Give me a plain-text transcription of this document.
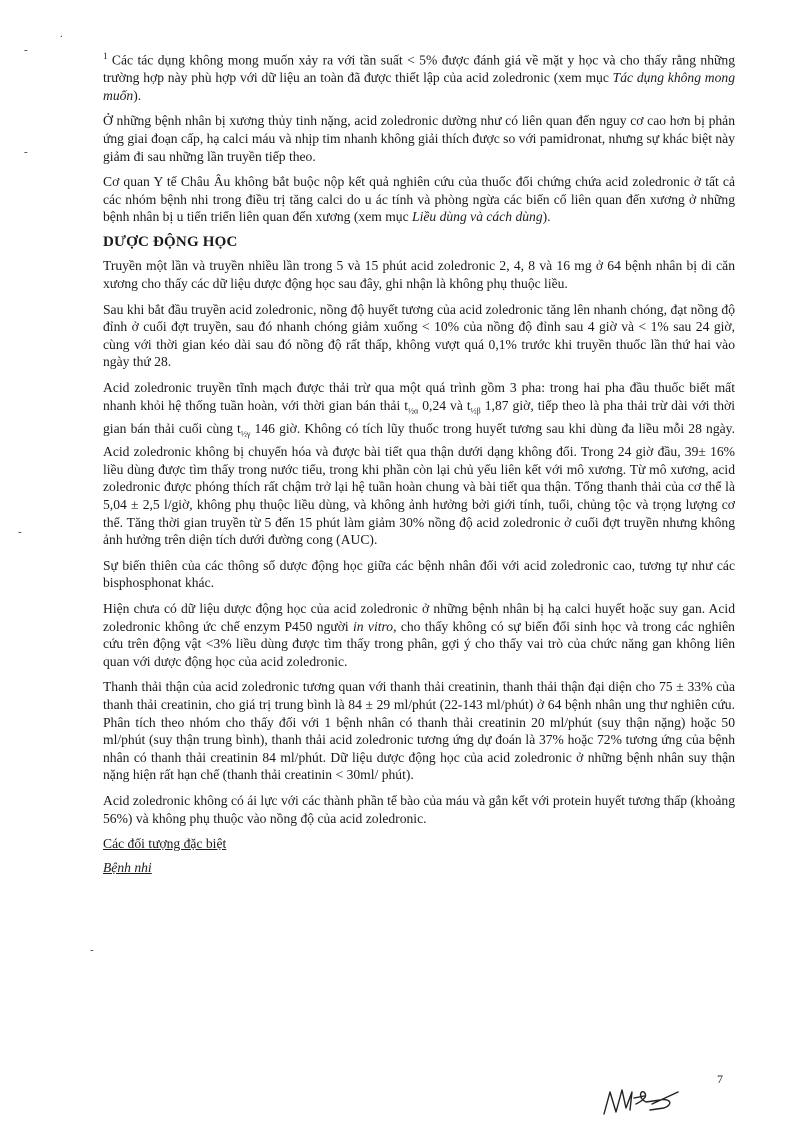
.
-
-
-
-

$^1$ Các tác dụng không mong muốn xảy ra với tần suất < 5% được đánh giá về mặt y học và cho thấy rằng những trường hợp này phù hợp với dữ liệu an toàn đã được thiết lập của acid zoledronic (xem mục Tác dụng không mong muốn).

Ở những bệnh nhân bị xương thủy tinh nặng, acid zoledronic dường như có liên quan đến nguy cơ cao hơn bị phản ứng giai đoạn cấp, hạ calci máu và nhịp tim nhanh không giải thích được so với pamidronat, nhưng sự khác biệt này giảm đi sau những lần truyền tiếp theo.

Cơ quan Y tế Châu Âu không bắt buộc nộp kết quả nghiên cứu của thuốc đối chứng chứa acid zoledronic ở tất cả các nhóm bệnh nhi trong điều trị tăng calci do u ác tính và phòng ngừa các biến cố liên quan đến xương ở những bệnh nhân bị u tiến triển liên quan đến xương (xem mục Liều dùng và cách dùng).

DƯỢC ĐỘNG HỌC

Truyền một lần và truyền nhiều lần trong 5 và 15 phút acid zoledronic 2, 4, 8 và 16 mg ở 64 bệnh nhân bị di căn xương cho thấy các dữ liệu dược động học sau đây, ghi nhận là không phụ thuộc liều.

Sau khi bắt đầu truyền acid zoledronic, nồng độ huyết tương của acid zoledronic tăng lên nhanh chóng, đạt nồng độ đỉnh ở cuối đợt truyền, sau đó nhanh chóng giảm xuống < 10% của nồng độ đỉnh sau 4 giờ và < 1% sau 24 giờ, cùng với thời gian kéo dài sau đó nồng độ rất thấp, không vượt quá 0,1% trước khi truyền thuốc lần thứ hai vào ngày thứ 28.

Acid zoledronic truyền tĩnh mạch được thải trừ qua một quá trình gồm 3 pha: trong hai pha đầu thuốc biết mất nhanh khỏi hệ thống tuần hoàn, với thời gian bán thải $t_{\frac{1}{2}\alpha}$ 0,24 và $t_{\frac{1}{2}\beta}$ 1,87 giờ, tiếp theo là pha thải trừ dài với thời gian bán thải cuối cùng $t_{\frac{1}{2}\gamma}$ 146 giờ. Không có tích lũy thuốc trong huyết tương sau khi dùng đa liều mỗi 28 ngày. Acid zoledronic không bị chuyển hóa và được bài tiết qua thận dưới dạng không đổi. Trong 24 giờ đầu, 39± 16% liều dùng được tìm thấy trong nước tiểu, trong khi phần còn lại chủ yếu liên kết với mô xương. Từ mô xương, acid zoledronic được phóng thích rất chậm trở lại hệ tuần hoàn chung và bài tiết qua thận. Tổng thanh thải của cơ thể là 5,04 ± 2,5 l/giờ, không phụ thuộc liều dùng, và không ảnh hưởng bởi giới tính, tuổi, chủng tộc và trọng lượng cơ thể. Tăng thời gian truyền từ 5 đến 15 phút làm giảm 30% nồng độ acid zoledronic ở cuối đợt truyền nhưng không ảnh hưởng trên diện tích dưới đường cong (AUC).

Sự biến thiên của các thông số dược động học giữa các bệnh nhân đối với acid zoledronic cao, tương tự như các bisphosphonat khác.

Hiện chưa có dữ liệu dược động học của acid zoledronic ở những bệnh nhân bị hạ calci huyết hoặc suy gan. Acid zoledronic không ức chế enzym P450 người in vitro, cho thấy không có sự biến đổi sinh học và trong các nghiên cứu trên động vật <3% liều dùng được tìm thấy trong phân, gợi ý cho thấy vai trò của chức năng gan không liên quan với dược động học của acid zoledronic.

Thanh thải thận của acid zoledronic tương quan với thanh thải creatinin, thanh thải thận đại diện cho 75 ± 33% của thanh thải creatinin, cho giá trị trung bình là 84 ± 29 ml/phút (22-143 ml/phút) ở 64 bệnh nhân ung thư nghiên cứu. Phân tích theo nhóm cho thấy đối với 1 bệnh nhân có thanh thải creatinin 20 ml/phút (suy thận nặng) hoặc 50 ml/phút (suy thận trung bình), thanh thải acid zoledronic tương ứng dự đoán là 37% hoặc 72% tương ứng của bệnh nhân có thanh thải creatinin 84 ml/phút. Dữ liệu dược động học của acid zoledronic ở những bệnh nhân suy thận nặng hiện rất hạn chế (thanh thải creatinin < 30ml/ phút).

Acid zoledronic không có ái lực với các thành phần tế bào của máu và gắn kết với protein huyết tương thấp (khoảng 56%) và không phụ thuộc vào nồng độ của acid zoledronic.

Các đối tượng đặc biệt

Bệnh nhi

7
